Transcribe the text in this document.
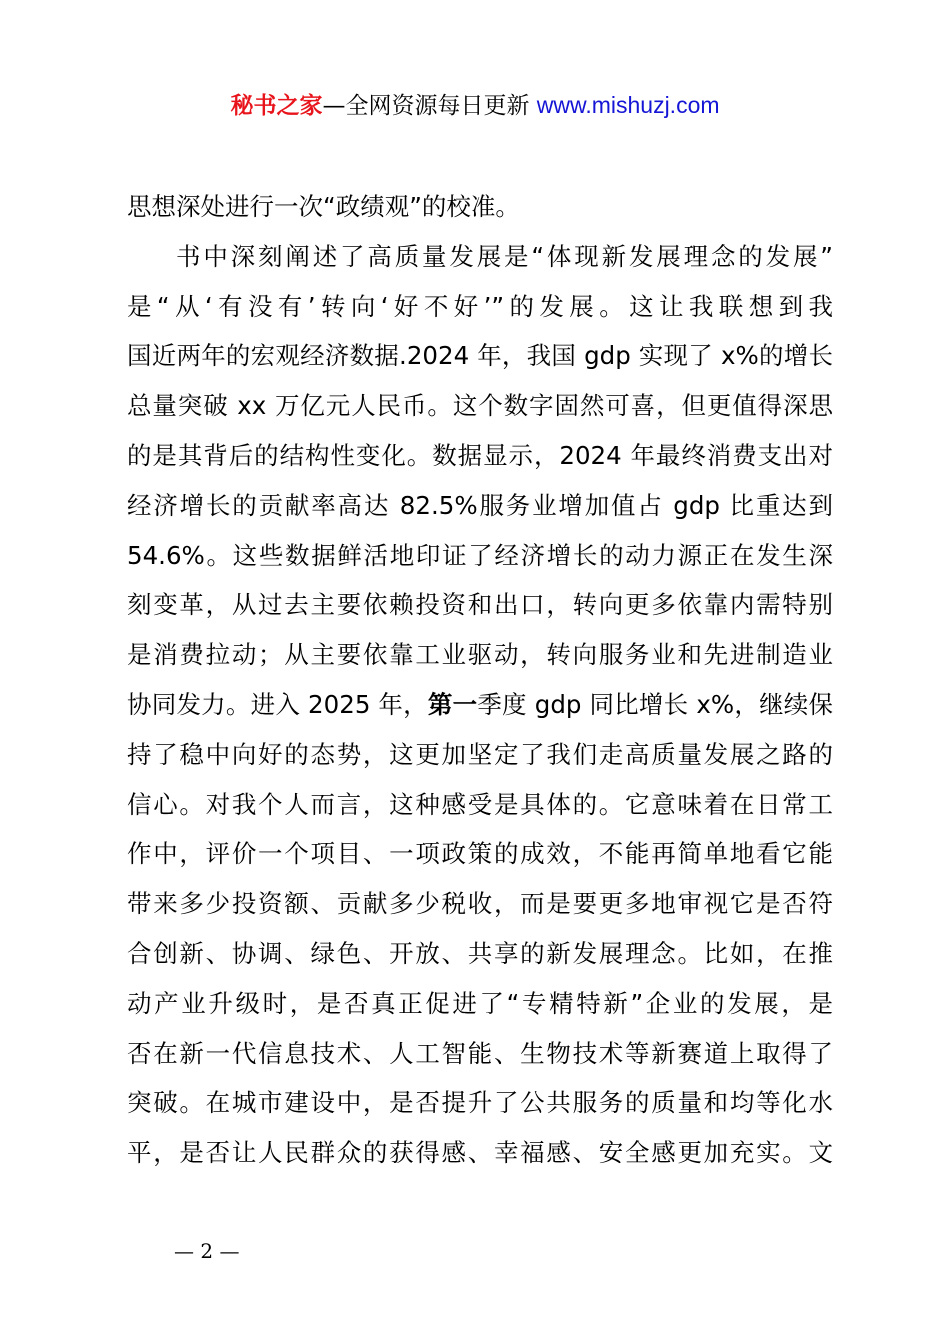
秘书之家—全网资源每日更新 www.mishuzj.com
思想深处进行一次“政绩观”的校准。
书中深刻阐述了高质量发展是“体现新发展理念的发展”
是“从‘有没有’转向‘好不好’”的发展。这让我联想到我
国近两年的宏观经济数据.2024 年，我国 gdp 实现了 x%的增长
总量突破 xx 万亿元人民币。这个数字固然可喜，但更值得深思
的是其背后的结构性变化。数据显示，2024 年最终消费支出对
经济增长的贡献率高达 82.5%服务业增加值占 gdp 比重达到
54.6%。这些数据鲜活地印证了经济增长的动力源正在发生深
刻变革，从过去主要依赖投资和出口，转向更多依靠内需特别
是消费拉动；从主要依靠工业驱动，转向服务业和先进制造业
协同发力。进入 2025 年，第一季度 gdp 同比增长 x%，继续保
持了稳中向好的态势，这更加坚定了我们走高质量发展之路的
信心。对我个人而言，这种感受是具体的。它意味着在日常工
作中，评价一个项目、一项政策的成效，不能再简单地看它能
带来多少投资额、贡献多少税收，而是要更多地审视它是否符
合创新、协调、绿色、开放、共享的新发展理念。比如，在推
动产业升级时，是否真正促进了“专精特新”企业的发展，是
否在新一代信息技术、人工智能、生物技术等新赛道上取得了
突破。在城市建设中，是否提升了公共服务的质量和均等化水
平，是否让人民群众的获得感、幸福感、安全感更加充实。文
— 2 —
